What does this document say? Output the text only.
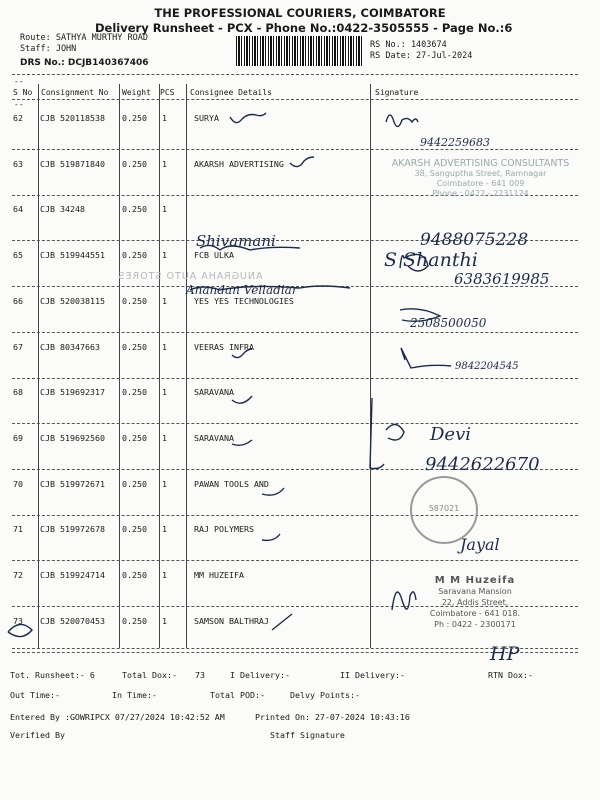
THE PROFESSIONAL COURIERS, COIMBATORE
Delivery Runsheet - PCX - Phone No.:0422-3505555 - Page No.:6
Route: SATHYA MURTHY ROAD
Staff: JOHN
DRS No.: DCJB140367406
RS No.: 1403674
RS Date: 27-Jul-2024
--
S No Consignment No Weight PCS Consignee Details	Signature
--
62 CJB 520118538 0.250 1	SURYA
63 CJB 519871840 0.250 1	AKARSH ADVERTISING
64 CJB 34248	0.250 1
65 CJB 519944551 0.250 1	FCB ULKA
66 CJB 520038115 0.250 1	YES YES TECHNOLOGIES
67 CJB 80347663	0.250 1	VEERAS INFRA
68 CJB 519692317 0.250 1	SARAVANA
69 CJB 519692560 0.250 1	SARAVANA
70 CJB 519972671 0.250 1	PAWAN TOOLS AND
71 CJB 519972678 0.250 1	RAJ POLYMERS
72 CJB 519924714 0.250 1	MM HUZEIFA
73 CJB 520070453 0.250 1	SAMSON BALTHRAJ
AKARSH ADVERTISING CONSULTANTS
38, Sanguptha Street, Ramnagar
Coimbatore - 641 009
Phone : 0422 - 2231124
ANUGRAHA AUTO STORES
587021
M M Huzeifa
Saravana Mansion
22, Addis Street,
Coimbatore - 641 018.
Ph : 0422 - 2300171
9442259683
Shivamani	9488075228
S Shanthi
6383619985
Anandan Velladiar
2508500050
9842204545
Devi
9442622670
Jayal
HP
Tot. Runsheet:- 6	Total Dox:- 73	I Delivery:-	II Delivery:-	RTN Dox:-
Out Time:-	In Time:-	Total POD:-	Delvy Points:-
Entered By :GOWRIPCX 07/27/2024 10:42:52 AM	Printed On: 27-07-2024 10:43:16
Verified By	Staff Signature
